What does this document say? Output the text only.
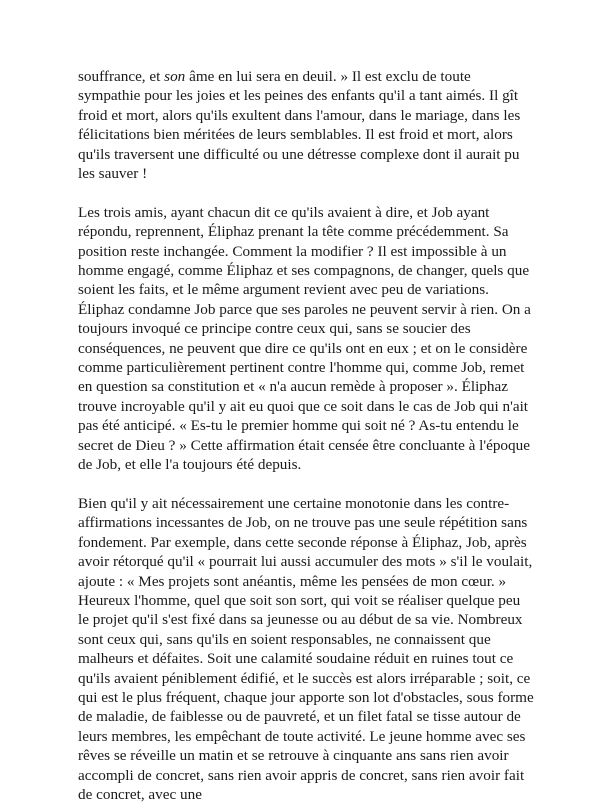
souffrance, et son âme en lui sera en deuil. » Il est exclu de toute sympathie pour les joies et les peines des enfants qu'il a tant aimés. Il gît froid et mort, alors qu'ils exultent dans l'amour, dans le mariage, dans les félicitations bien méritées de leurs semblables. Il est froid et mort, alors qu'ils traversent une difficulté ou une détresse complexe dont il aurait pu les sauver !

Les trois amis, ayant chacun dit ce qu'ils avaient à dire, et Job ayant répondu, reprennent, Éliphaz prenant la tête comme précédemment. Sa position reste inchangée. Comment la modifier ? Il est impossible à un homme engagé, comme Éliphaz et ses compagnons, de changer, quels que soient les faits, et le même argument revient avec peu de variations. Éliphaz condamne Job parce que ses paroles ne peuvent servir à rien. On a toujours invoqué ce principe contre ceux qui, sans se soucier des conséquences, ne peuvent que dire ce qu'ils ont en eux ; et on le considère comme particulièrement pertinent contre l'homme qui, comme Job, remet en question sa constitution et « n'a aucun remède à proposer ». Éliphaz trouve incroyable qu'il y ait eu quoi que ce soit dans le cas de Job qui n'ait pas été anticipé. « Es-tu le premier homme qui soit né ? As-tu entendu le secret de Dieu ? » Cette affirmation était censée être concluante à l'époque de Job, et elle l'a toujours été depuis.

Bien qu'il y ait nécessairement une certaine monotonie dans les contre-affirmations incessantes de Job, on ne trouve pas une seule répétition sans fondement. Par exemple, dans cette seconde réponse à Éliphaz, Job, après avoir rétorqué qu'il « pourrait lui aussi accumuler des mots » s'il le voulait, ajoute : « Mes projets sont anéantis, même les pensées de mon cœur. » Heureux l'homme, quel que soit son sort, qui voit se réaliser quelque peu le projet qu'il s'est fixé dans sa jeunesse ou au début de sa vie. Nombreux sont ceux qui, sans qu'ils en soient responsables, ne connaissent que malheurs et défaites. Soit une calamité soudaine réduit en ruines tout ce qu'ils avaient péniblement édifié, et le succès est alors irréparable ; soit, ce qui est le plus fréquent, chaque jour apporte son lot d'obstacles, sous forme de maladie, de faiblesse ou de pauvreté, et un filet fatal se tisse autour de leurs membres, les empêchant de toute activité. Le jeune homme avec ses rêves se réveille un matin et se retrouve à cinquante ans sans rien avoir accompli de concret, sans rien avoir appris de concret, sans rien avoir fait de concret, avec une
